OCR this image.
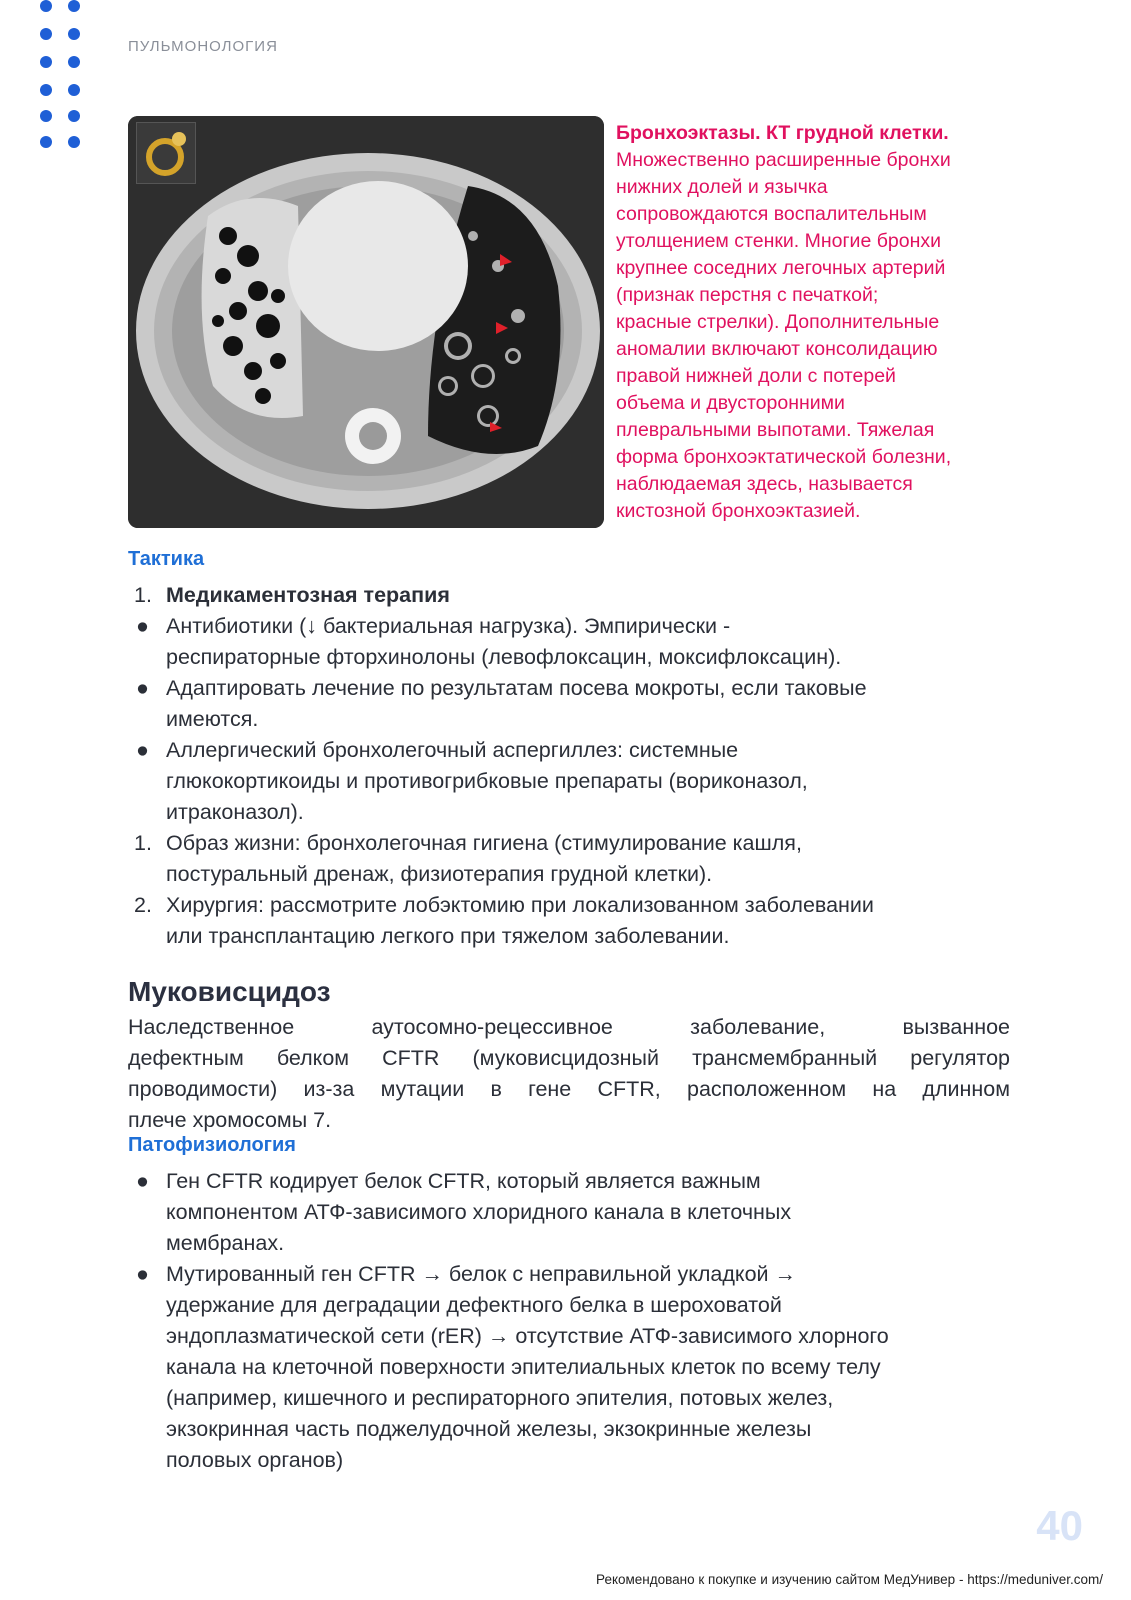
ПУЛЬМОНОЛОГИЯ
Бронхоэктазы. КТ грудной клетки.
Множественно расширенные бронхи
нижних долей и язычка
сопровождаются воспалительным
утолщением стенки. Многие бронхи
крупнее соседних легочных артерий
(признак перстня с печаткой;
красные стрелки). Дополнительные
аномалии включают консолидацию
правой нижней доли с потерей
объема и двусторонними
плевральными выпотами. Тяжелая
форма бронхоэктатической болезни,
наблюдаемая здесь, называется
кистозной бронхоэктазией.
Тактика
1. Медикаментозная терапия
● Антибиотики (↓ бактериальная нагрузка). Эмпирически -
респираторные фторхинолоны (левофлоксацин, моксифлоксацин).
● Адаптировать лечение по результатам посева мокроты, если таковые
имеются.
● Аллергический бронхолегочный аспергиллез: системные
глюкокортикоиды и противогрибковые препараты (вориконазол,
итраконазол).
1. Образ жизни: бронхолегочная гигиена (стимулирование кашля,
постуральный дренаж, физиотерапия грудной клетки).
2. Хирургия: рассмотрите лобэктомию при локализованном заболевании
или трансплантацию легкого при тяжелом заболевании.
Муковисцидоз
Наследственное аутосомно-рецессивное заболевание, вызванное
дефектным белком CFTR (муковисцидозный трансмембранный регулятор
проводимости) из-за мутации в гене CFTR, расположенном на длинном
плече хромосомы 7.
Патофизиология
● Ген CFTR кодирует белок CFTR, который является важным
компонентом АТФ-зависимого хлоридного канала в клеточных
мембранах.
● Мутированный ген CFTR → белок с неправильной укладкой →
удержание для деградации дефектного белка в шероховатой
эндоплазматической сети (rER) → отсутствие АТФ-зависимого хлорного
канала на клеточной поверхности эпителиальных клеток по всему телу
(например, кишечного и респираторного эпителия, потовых желез,
экзокринная часть поджелудочной железы, экзокринные железы
половых органов)
40
Рекомендовано к покупке и изучению сайтом МедУнивер - https://meduniver.com/
